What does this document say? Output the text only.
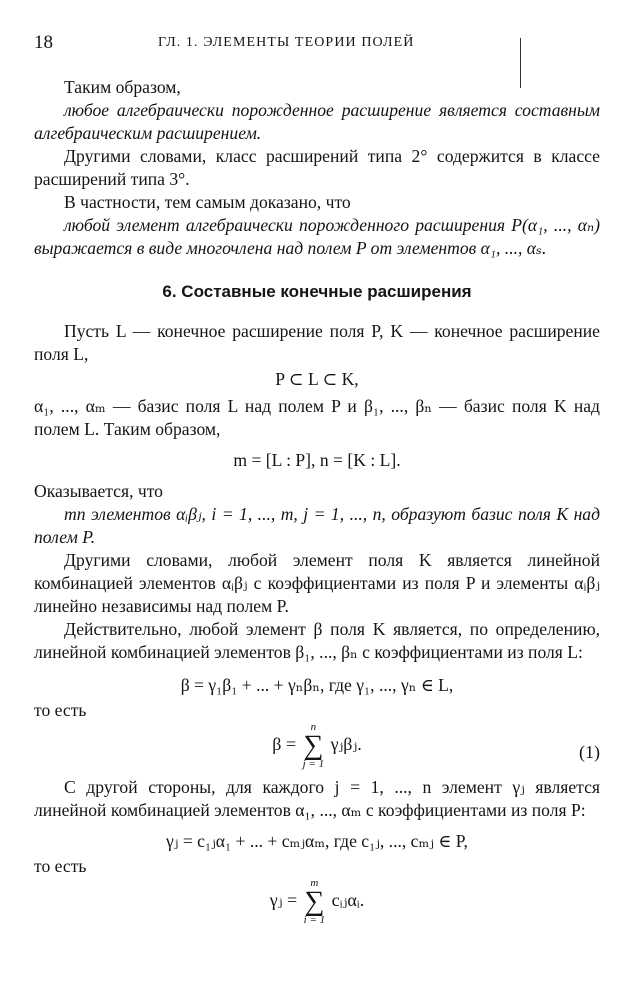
18	ГЛ. 1. ЭЛЕМЕНТЫ ТЕОРИИ ПОЛЕЙ

Таким образом,

любое алгебраически порожденное расширение является составным алгебраическим расширением.

Другими словами, класс расширений типа 2° содержится в классе расширений типа 3°.

В частности, тем самым доказано, что

любой элемент алгебраически порожденного расширения P(α₁, ..., αₙ) выражается в виде многочлена над полем P от элементов α₁, ..., αₛ.

6. Составные конечные расширения

Пусть L — конечное расширение поля P, K — конечное расширение поля L,

P ⊂ L ⊂ K,

α₁, ..., αₘ — базис поля L над полем P и β₁, ..., βₙ — базис поля K над полем L. Таким образом,

m = [L : P], n = [K : L].

Оказывается, что

mn элементов αᵢβⱼ, i = 1, ..., m, j = 1, ..., n, образуют базис поля K над полем P.

Другими словами, любой элемент поля K является линейной комбинацией элементов αᵢβⱼ с коэффициентами из поля P и элементы αᵢβⱼ линейно независимы над полем P.

Действительно, любой элемент β поля K является, по определению, линейной комбинацией элементов β₁, ..., βₙ с коэффициентами из поля L:

β = γ₁β₁ + ... + γₙβₙ, где γ₁, ..., γₙ ∈ L,

то есть

β =
n
∑
j = 1
γⱼβⱼ.	(1)

С другой стороны, для каждого j = 1, ..., n элемент γⱼ является линейной комбинацией элементов α₁, ..., αₘ с коэффициентами из поля P:

γⱼ = c₁ⱼα₁ + ... + cₘⱼαₘ, где c₁ⱼ, ..., cₘⱼ ∈ P,

то есть

γⱼ =
m
∑
i = 1
cᵢⱼαᵢ.
